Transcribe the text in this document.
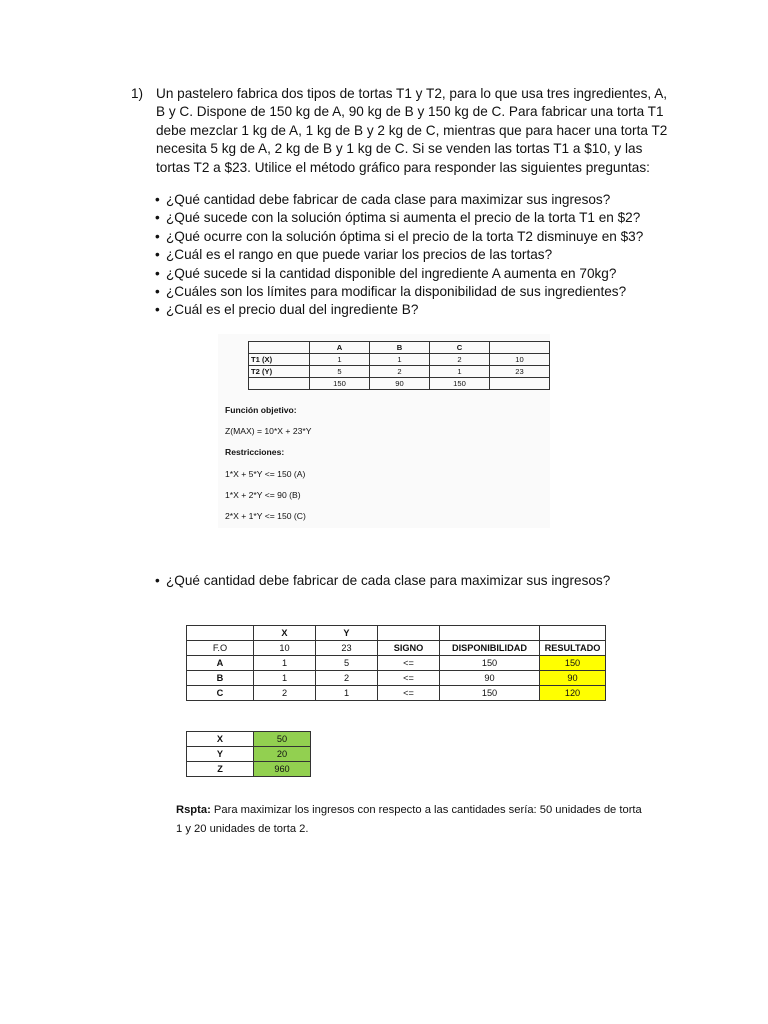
1) Un pastelero fabrica dos tipos de tortas T1 y T2, para lo que usa tres ingredientes, A, B y C. Dispone de 150 kg de A, 90 kg de B y 150 kg de C. Para fabricar una torta T1 debe mezclar 1 kg de A, 1 kg de B y 2 kg de C, mientras que para hacer una torta T2 necesita 5 kg de A, 2 kg de B y 1 kg de C. Si se venden las tortas T1 a $10, y las tortas T2 a $23. Utilice el método gráfico para responder las siguientes preguntas:
• ¿Qué cantidad debe fabricar de cada clase para maximizar sus ingresos?
• ¿Qué sucede con la solución óptima si aumenta el precio de la torta T1 en $2?
• ¿Qué ocurre con la solución óptima si el precio de la torta T2 disminuye en $3?
• ¿Cuál es el rango en que puede variar los precios de las tortas?
• ¿Qué sucede si la cantidad disponible del ingrediente A aumenta en 70kg?
• ¿Cuáles son los límites para modificar la disponibilidad de sus ingredientes?
• ¿Cuál es el precio dual del ingrediente B?
	A	B	C	
T1 (X)	1	1	2	10
T2 (Y)	5	2	1	23
	150	90	150	
Función objetivo:
Z(MAX) = 10*X + 23*Y
Restricciones:
1*X + 5*Y <= 150 (A)
1*X + 2*Y <= 90 (B)
2*X + 1*Y <= 150 (C)
• ¿Qué cantidad debe fabricar de cada clase para maximizar sus ingresos?
	X	Y			
F.O	10	23	SIGNO	DISPONIBILIDAD	RESULTADO
A	1	5	<=	150	150
B	1	2	<=	90	90
C	2	1	<=	150	120
X	50
Y	20
Z	960
Rspta: Para maximizar los ingresos con respecto a las cantidades sería: 50 unidades de torta 1 y 20 unidades de torta 2.
